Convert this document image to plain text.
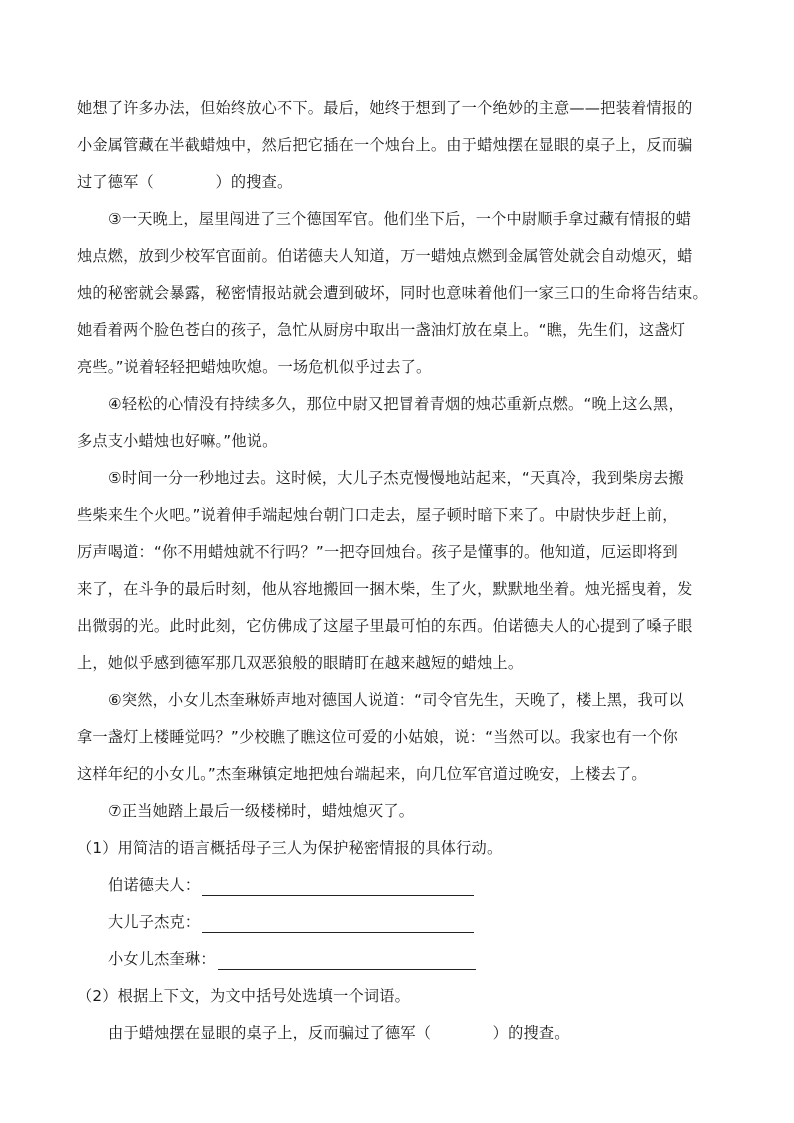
她想了许多办法，但始终放心不下。最后，她终于想到了一个绝妙的主意——把装着情报的
小金属管藏在半截蜡烛中，然后把它插在一个烛台上。由于蜡烛摆在显眼的桌子上，反而骗
过了德军（　　　　）的搜查。
③一天晚上，屋里闯进了三个德国军官。他们坐下后，一个中尉顺手拿过藏有情报的蜡
烛点燃，放到少校军官面前。伯诺德夫人知道，万一蜡烛点燃到金属管处就会自动熄灭，蜡
烛的秘密就会暴露，秘密情报站就会遭到破坏，同时也意味着他们一家三口的生命将告结束。
她看着两个脸色苍白的孩子，急忙从厨房中取出一盏油灯放在桌上。“瞧，先生们，这盏灯
亮些。”说着轻轻把蜡烛吹熄。一场危机似乎过去了。
④轻松的心情没有持续多久，那位中尉又把冒着青烟的烛芯重新点燃。“晚上这么黑，
多点支小蜡烛也好嘛。”他说。
⑤时间一分一秒地过去。这时候，大儿子杰克慢慢地站起来，“天真冷，我到柴房去搬
些柴来生个火吧。”说着伸手端起烛台朝门口走去，屋子顿时暗下来了。中尉快步赶上前，
厉声喝道：“你不用蜡烛就不行吗？”一把夺回烛台。孩子是懂事的。他知道，厄运即将到
来了，在斗争的最后时刻，他从容地搬回一捆木柴，生了火，默默地坐着。烛光摇曳着，发
出微弱的光。此时此刻，它仿佛成了这屋子里最可怕的东西。伯诺德夫人的心提到了嗓子眼
上，她似乎感到德军那几双恶狼般的眼睛盯在越来越短的蜡烛上。
⑥突然，小女儿杰奎琳娇声地对德国人说道：“司令官先生，天晚了，楼上黑，我可以
拿一盏灯上楼睡觉吗？”少校瞧了瞧这位可爱的小姑娘，说：“当然可以。我家也有一个你
这样年纪的小女儿。”杰奎琳镇定地把烛台端起来，向几位军官道过晚安，上楼去了。
⑦正当她踏上最后一级楼梯时，蜡烛熄灭了。
（1）用简洁的语言概括母子三人为保护秘密情报的具体行动。
伯诺德夫人：
大儿子杰克：
小女儿杰奎琳：
（2）根据上下文，为文中括号处选填一个词语。
由于蜡烛摆在显眼的桌子上，反而骗过了德军（　　　　）的搜查。
